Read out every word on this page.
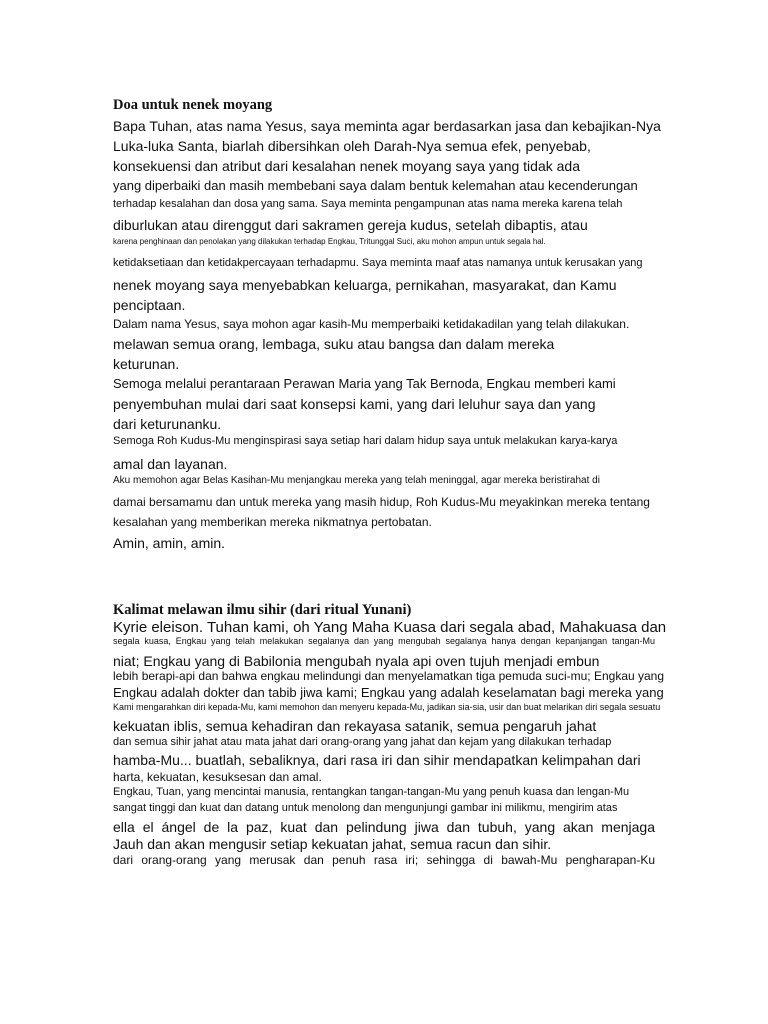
Doa untuk nenek moyang
Bapa Tuhan, atas nama Yesus, saya meminta agar berdasarkan jasa dan kebajikan-Nya
Luka-luka Santa, biarlah dibersihkan oleh Darah-Nya semua efek, penyebab,
konsekuensi dan atribut dari kesalahan nenek moyang saya yang tidak ada
yang diperbaiki dan masih membebani saya dalam bentuk kelemahan atau kecenderungan
terhadap kesalahan dan dosa yang sama. Saya meminta pengampunan atas nama mereka karena telah
diburlukan atau direnggut dari sakramen gereja kudus, setelah dibaptis, atau
karena penghinaan dan penolakan yang dilakukan terhadap Engkau, Tritunggal Suci, aku mohon ampun untuk segala hal.
ketidaksetiaan dan ketidakpercayaan terhadapmu. Saya meminta maaf atas namanya untuk kerusakan yang
nenek moyang saya menyebabkan keluarga, pernikahan, masyarakat, dan Kamu
penciptaan.
Dalam nama Yesus, saya mohon agar kasih-Mu memperbaiki ketidakadilan yang telah dilakukan.
melawan semua orang, lembaga, suku atau bangsa dan dalam mereka
keturunan.
Semoga melalui perantaraan Perawan Maria yang Tak Bernoda, Engkau memberi kami
penyembuhan mulai dari saat konsepsi kami, yang dari leluhur saya dan yang
dari keturunanku.
Semoga Roh Kudus-Mu menginspirasi saya setiap hari dalam hidup saya untuk melakukan karya-karya
amal dan layanan.
Aku memohon agar Belas Kasihan-Mu menjangkau mereka yang telah meninggal, agar mereka beristirahat di
damai bersamamu dan untuk mereka yang masih hidup, Roh Kudus-Mu meyakinkan mereka tentang
kesalahan yang memberikan mereka nikmatnya pertobatan.
Amin, amin, amin.
Kalimat melawan ilmu sihir (dari ritual Yunani)
Kyrie eleison. Tuhan kami, oh Yang Maha Kuasa dari segala abad, Mahakuasa dan
segala kuasa, Engkau yang telah melakukan segalanya dan yang mengubah segalanya hanya dengan kepanjangan tangan-Mu
niat; Engkau yang di Babilonia mengubah nyala api oven tujuh menjadi embun
lebih berapi-api dan bahwa engkau melindungi dan menyelamatkan tiga pemuda suci-mu; Engkau yang
Engkau adalah dokter dan tabib jiwa kami; Engkau yang adalah keselamatan bagi mereka yang
Kami mengarahkan diri kepada-Mu, kami memohon dan menyeru kepada-Mu, jadikan sia-sia, usir dan buat melarikan diri segala sesuatu
kekuatan iblis, semua kehadiran dan rekayasa satanik, semua pengaruh jahat
dan semua sihir jahat atau mata jahat dari orang-orang yang jahat dan kejam yang dilakukan terhadap
hamba-Mu... buatlah, sebaliknya, dari rasa iri dan sihir mendapatkan kelimpahan dari
harta, kekuatan, kesuksesan dan amal.
Engkau, Tuan, yang mencintai manusia, rentangkan tangan-tangan-Mu yang penuh kuasa dan lengan-Mu
sangat tinggi dan kuat dan datang untuk menolong dan mengunjungi gambar ini milikmu, mengirim atas
ella el ángel de la paz, kuat dan pelindung jiwa dan tubuh, yang akan menjaga
Jauh dan akan mengusir setiap kekuatan jahat, semua racun dan sihir.
dari orang-orang yang merusak dan penuh rasa iri; sehingga di bawah-Mu pengharapan-Ku
